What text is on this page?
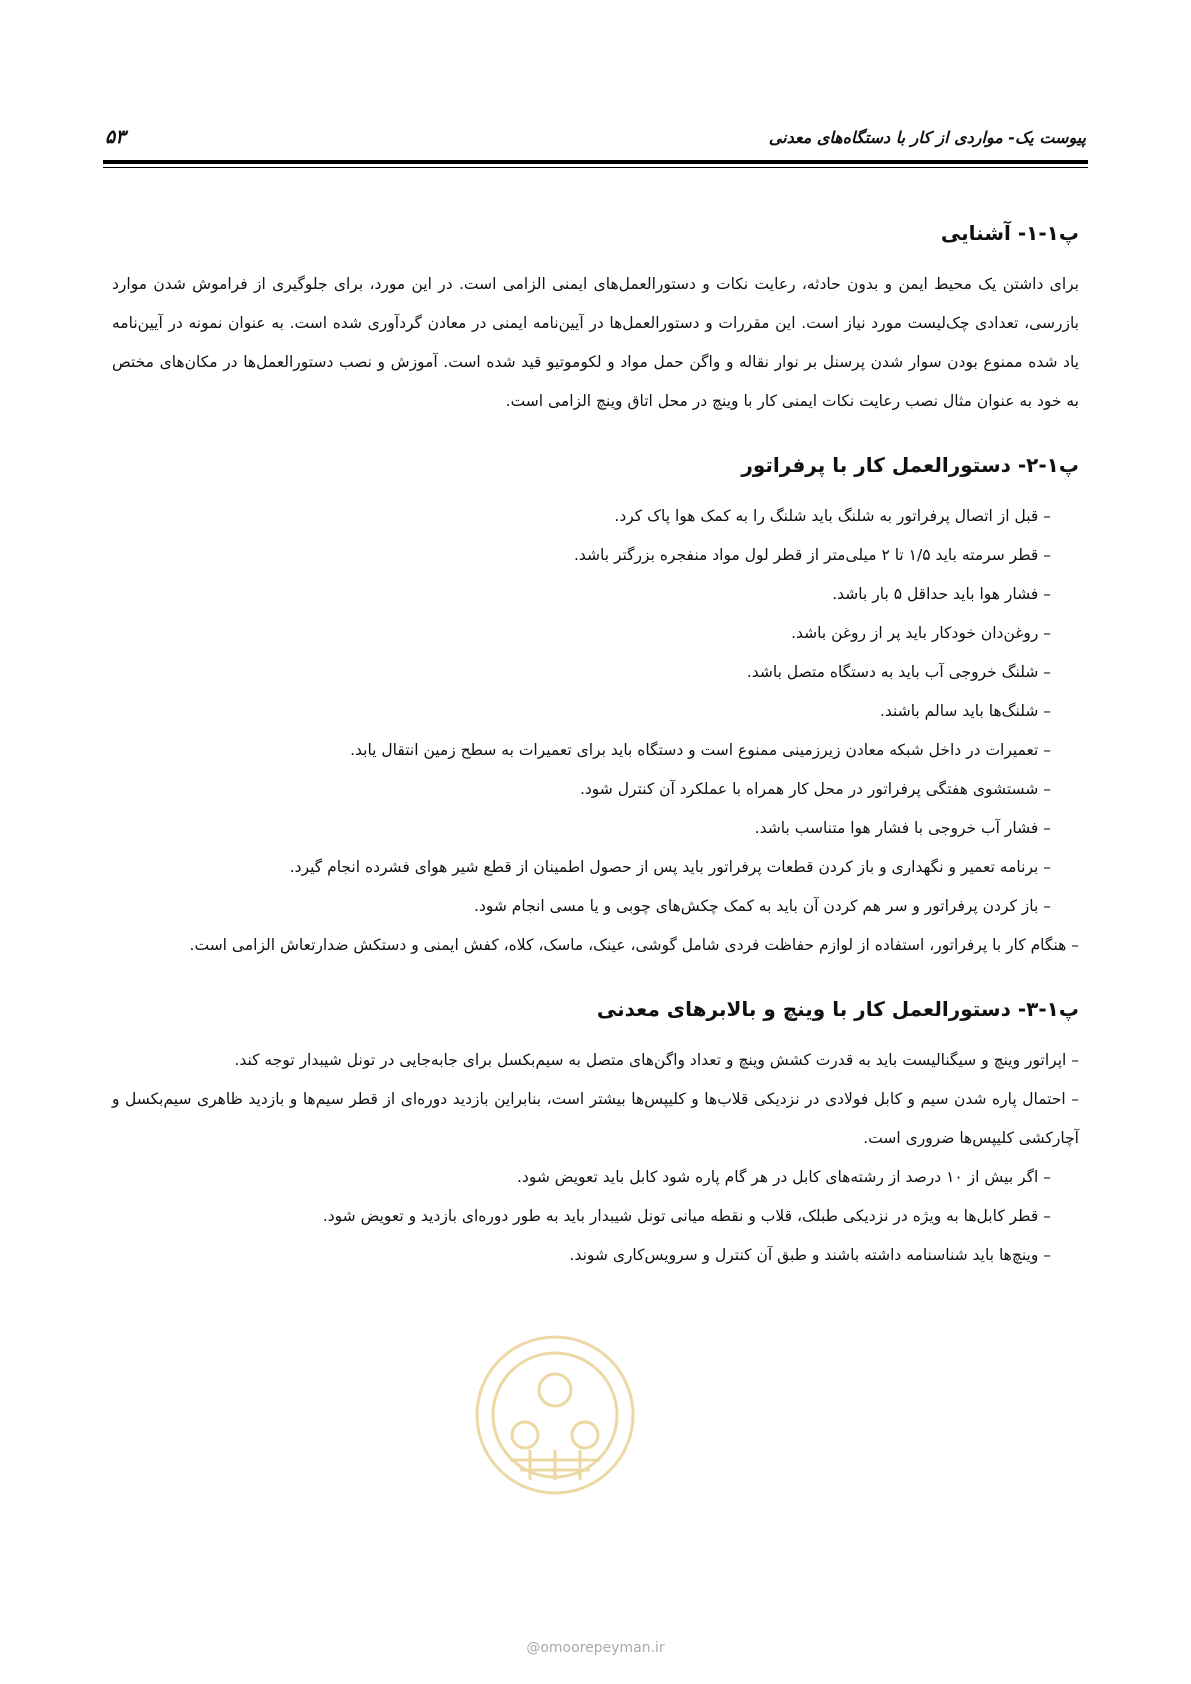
پیوست یک- مواردی از کار با دستگاه‌های معدنی
۵۳
پ۱-۱- آشنایی

برای داشتن یک محیط ایمن و بدون حادثه، رعایت نکات و دستورالعمل‌های ایمنی الزامی است. در این مورد، برای جلوگیری از فراموش شدن موارد بازرسی، تعدادی چک‌لیست مورد نیاز است. این مقررات و دستورالعمل‌ها در آیین‌نامه ایمنی در معادن گردآوری شده است. به عنوان نمونه در آیین‌نامه یاد شده ممنوع بودن سوار شدن پرسنل بر نوار نقاله و واگن حمل مواد و لکوموتیو قید شده است. آموزش و نصب دستورالعمل‌ها در مکان‌های مختص به خود به عنوان مثال نصب رعایت نکات ایمنی کار با وینچ در محل اتاق وینچ الزامی است.

پ۱-۲- دستورالعمل کار با پرفراتور
– قبل از اتصال پرفراتور به شلنگ باید شلنگ را به کمک هوا پاک کرد.
– قطر سرمته باید ۱/۵ تا ۲ میلی‌متر از قطر لول مواد منفجره بزرگتر باشد.
– فشار هوا باید حداقل ۵ بار باشد.
– روغن‌دان خودکار باید پر از روغن باشد.
– شلنگ خروجی آب باید به دستگاه متصل باشد.
– شلنگ‌ها باید سالم باشند.
– تعمیرات در داخل شبکه معادن زیرزمینی ممنوع است و دستگاه باید برای تعمیرات به سطح زمین انتقال یابد.
– شستشوی هفتگی پرفراتور در محل کار همراه با عملکرد آن کنترل شود.
– فشار آب خروجی با فشار هوا متناسب باشد.
– برنامه تعمیر و نگهداری و باز کردن قطعات پرفراتور باید پس از حصول اطمینان از قطع شیر هوای فشرده انجام گیرد.
– باز کردن پرفراتور و سر هم کردن آن باید به کمک چکش‌های چوبی و یا مسی انجام شود.
– هنگام کار با پرفراتور، استفاده از لوازم حفاظت فردی شامل گوشی، عینک، ماسک، کلاه، کفش ایمنی و دستکش ضدارتعاش الزامی است.
پ۱-۳- دستورالعمل کار با وینچ و بالابرهای معدنی
– اپراتور وینچ و سیگنالیست باید به قدرت کشش وینچ و تعداد واگن‌های متصل به سیم‌بکسل برای جابه‌جایی در تونل شیبدار توجه کند.
– احتمال پاره شدن سیم و کابل فولادی در نزدیکی قلاب‌ها و کلیپس‌ها بیشتر است، بنابراین بازدید دوره‌ای از قطر سیم‌ها و بازدید ظاهری سیم‌بکسل و آچارکشی کلیپس‌ها ضروری است.
– اگر بیش از ۱۰ درصد از رشته‌های کابل در هر گام پاره شود کابل باید تعویض شود.
– قطر کابل‌ها به ویژه در نزدیکی طبلک، قلاب و نقطه میانی تونل شیبدار باید به طور دوره‌ای بازدید و تعویض شود.
– وینچ‌ها باید شناسنامه داشته باشند و طبق آن کنترل و سرویس‌کاری شوند.
@omoorepeyman.ir
